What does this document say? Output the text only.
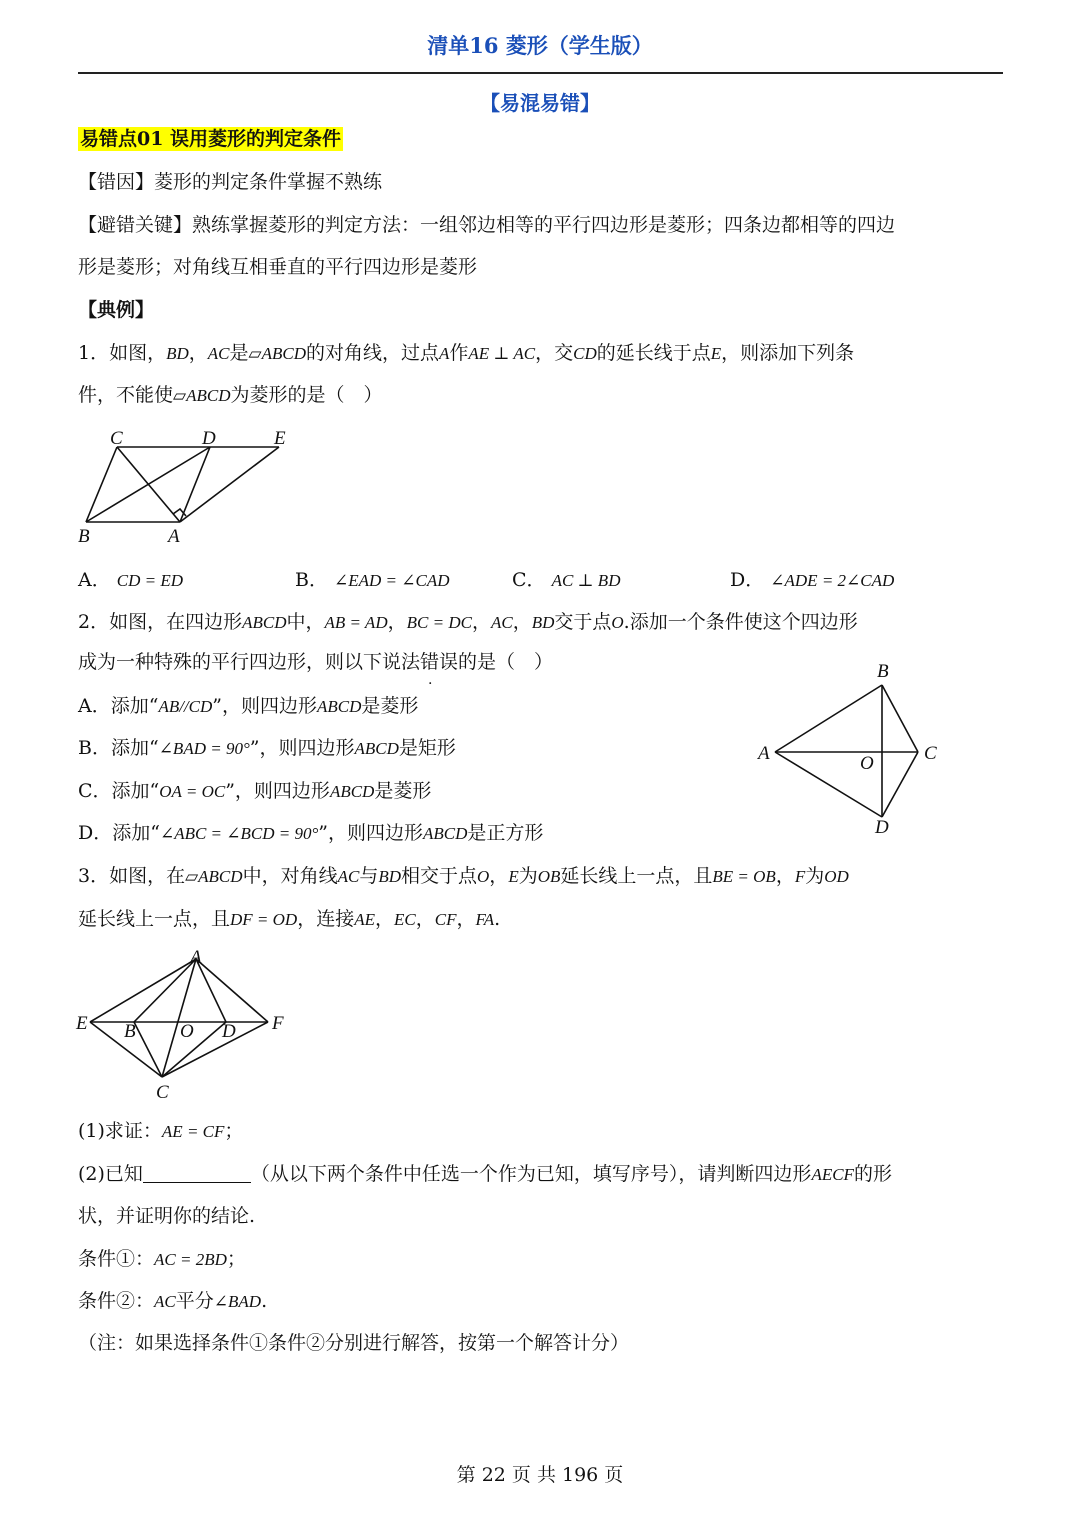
清单16 菱形（学生版）
【易混易错】
易错点01 误用菱形的判定条件
【错因】菱形的判定条件掌握不熟练
【避错关键】熟练掌握菱形的判定方法：一组邻边相等的平行四边形是菱形；四条边都相等的四边
形是菱形；对角线互相垂直的平行四边形是菱形
【典例】
1．如图，BD，AC是▱ABCD的对角线，过点A作AE ⊥ AC，交CD的延长线于点E，则添加下列条
件，不能使▱ABCD为菱形的是（　）
C	D	E
B	A
A． CD = ED	B． ∠EAD = ∠CAD	C． AC ⊥ BD	D． ∠ADE = 2∠CAD
2．如图，在四边形ABCD中，AB = AD，BC = DC，AC，BD交于点O.添加一个条件使这个四边形
成为一种特殊的平行四边形，则以下说法错误的是（　）
A．添加“AB//CD”，则四边形ABCD是菱形
B．添加“∠BAD = 90°”，则四边形ABCD是矩形
C．添加“OA = OC”，则四边形ABCD是菱形
D．添加“∠ABC = ∠BCD = 90°”，则四边形ABCD是正方形
B
A	C
O
D
3．如图，在▱ABCD中，对角线AC与BD相交于点O，E为OB延长线上一点，且BE = OB，F为OD
延长线上一点，且DF = OD，连接AE，EC，CF，FA.
A
E B O D F
C
(1)求证：AE = CF；
(2)已知	（从以下两个条件中任选一个作为已知，填写序号），请判断四边形AECF的形
状，并证明你的结论.
条件①：AC = 2BD；
条件②：AC平分∠BAD.
（注：如果选择条件①条件②分别进行解答，按第一个解答计分）
第 22 页 共 196 页
